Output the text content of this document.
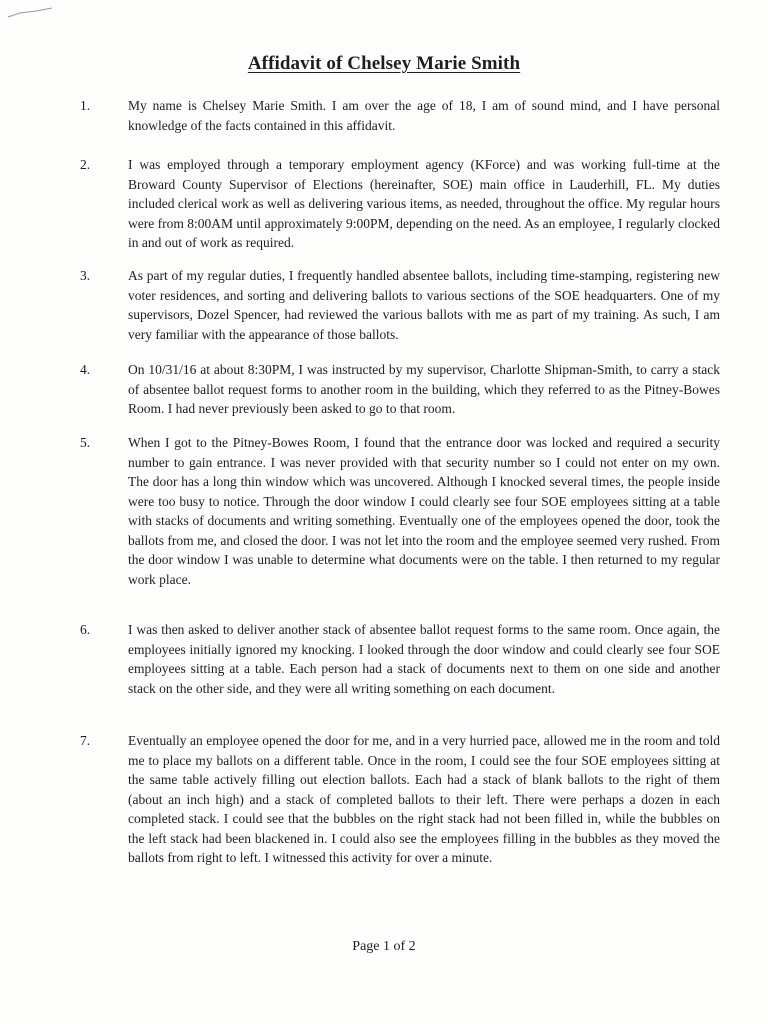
Affidavit of Chelsey Marie Smith
1.	My name is Chelsey Marie Smith. I am over the age of 18, I am of sound mind, and I have personal knowledge of the facts contained in this affidavit.
2.	I was employed through a temporary employment agency (KForce) and was working full-time at the Broward County Supervisor of Elections (hereinafter, SOE) main office in Lauderhill, FL. My duties included clerical work as well as delivering various items, as needed, throughout the office. My regular hours were from 8:00AM until approximately 9:00PM, depending on the need. As an employee, I regularly clocked in and out of work as required.
3.	As part of my regular duties, I frequently handled absentee ballots, including time-stamping, registering new voter residences, and sorting and delivering ballots to various sections of the SOE headquarters. One of my supervisors, Dozel Spencer, had reviewed the various ballots with me as part of my training. As such, I am very familiar with the appearance of those ballots.
4.	On 10/31/16 at about 8:30PM, I was instructed by my supervisor, Charlotte Shipman-Smith, to carry a stack of absentee ballot request forms to another room in the building, which they referred to as the Pitney-Bowes Room. I had never previously been asked to go to that room.
5.	When I got to the Pitney-Bowes Room, I found that the entrance door was locked and required a security number to gain entrance. I was never provided with that security number so I could not enter on my own. The door has a long thin window which was uncovered. Although I knocked several times, the people inside were too busy to notice. Through the door window I could clearly see four SOE employees sitting at a table with stacks of documents and writing something. Eventually one of the employees opened the door, took the ballots from me, and closed the door. I was not let into the room and the employee seemed very rushed. From the door window I was unable to determine what documents were on the table. I then returned to my regular work place.
6.	I was then asked to deliver another stack of absentee ballot request forms to the same room. Once again, the employees initially ignored my knocking. I looked through the door window and could clearly see four SOE employees sitting at a table. Each person had a stack of documents next to them on one side and another stack on the other side, and they were all writing something on each document.
7.	Eventually an employee opened the door for me, and in a very hurried pace, allowed me in the room and told me to place my ballots on a different table. Once in the room, I could see the four SOE employees sitting at the same table actively filling out election ballots. Each had a stack of blank ballots to the right of them (about an inch high) and a stack of completed ballots to their left. There were perhaps a dozen in each completed stack. I could see that the bubbles on the right stack had not been filled in, while the bubbles on the left stack had been blackened in. I could also see the employees filling in the bubbles as they moved the ballots from right to left. I witnessed this activity for over a minute.
Page 1 of 2
